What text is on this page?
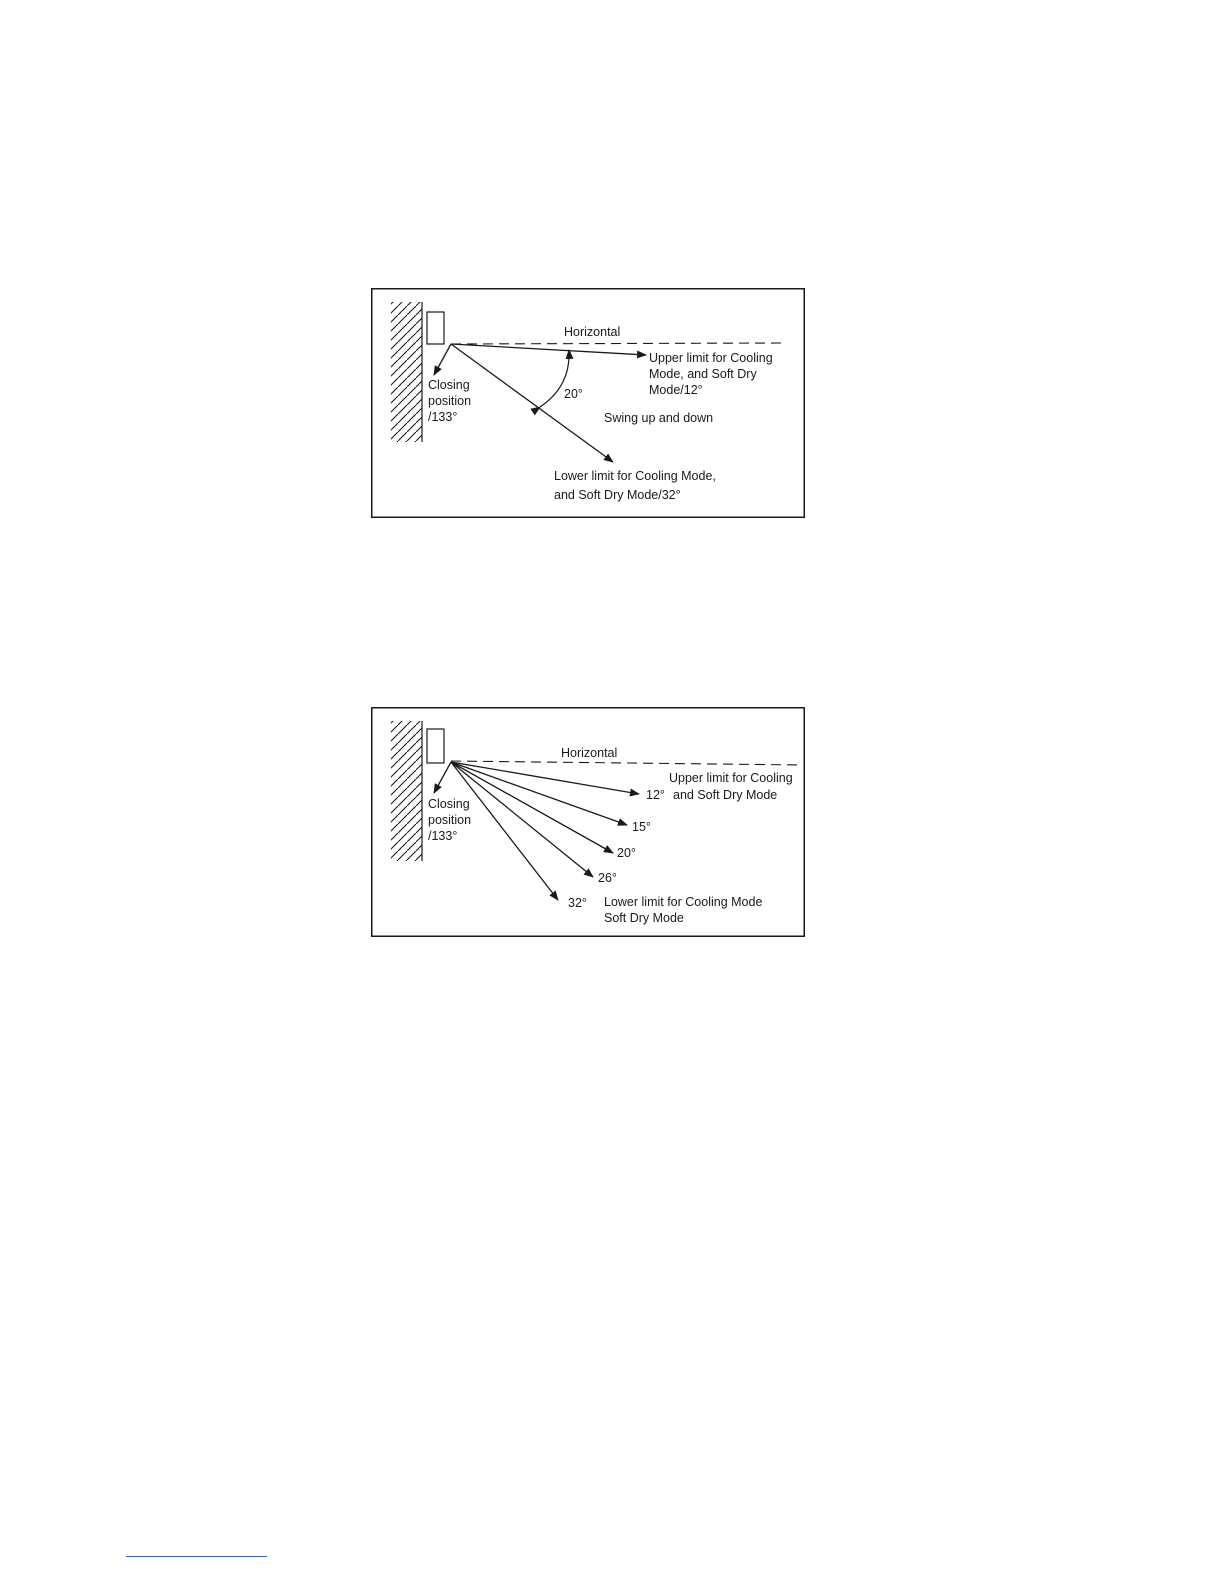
Horizontal
Closing position /133°
Upper limit for Cooling Mode, and Soft Dry Mode/12°
20°
Swing up and down
Lower limit for Cooling Mode, and Soft Dry Mode/32°
Horizontal
Closing position /133°
Upper limit for Cooling and Soft Dry Mode
12°
15°
20°
26°
32° Lower limit for Cooling Mode Soft Dry Mode
